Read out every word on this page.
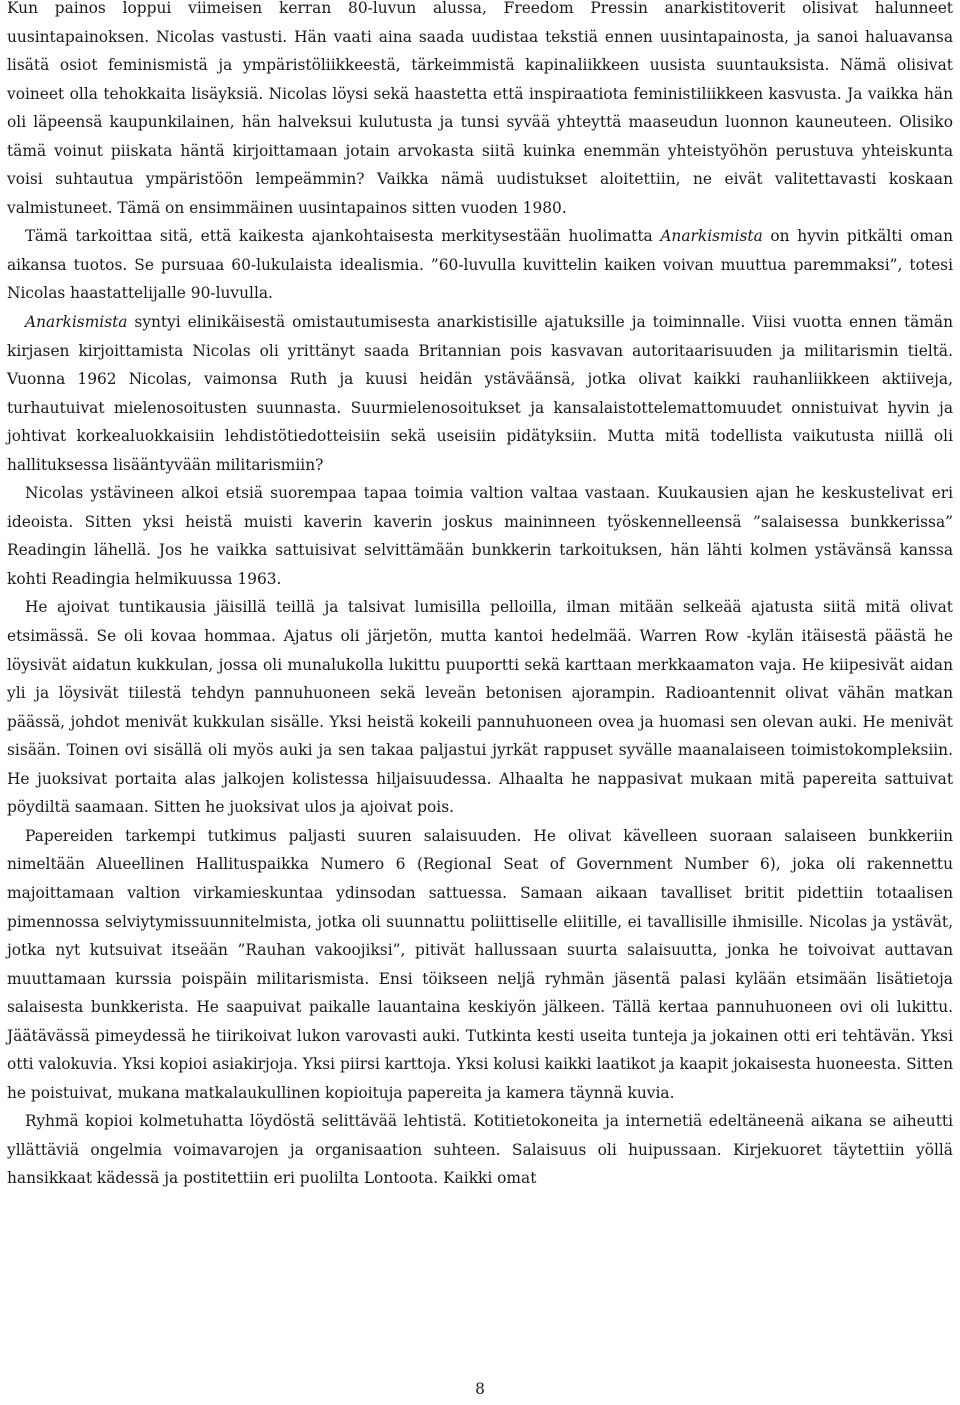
Kun painos loppui viimeisen kerran 80-luvun alussa, Freedom Pressin anarkistitoverit olisivat halunneet uusintapainoksen. Nicolas vastusti. Hän vaati aina saada uudistaa tekstiä ennen uusintapainosta, ja sanoi haluavansa lisätä osiot feminismistä ja ympäristöliikkeestä, tärkeimmistä kapinaliikkeen uusista suuntauksista. Nämä olisivat voineet olla tehokkaita lisäyksiä. Nicolas löysi sekä haastetta että inspiraatiota feministiliikkeen kasvusta. Ja vaikka hän oli läpeensä kaupunkilainen, hän halveksui kulutusta ja tunsi syvää yhteyttä maaseudun luonnon kauneuteen. Olisiko tämä voinut piiskata häntä kirjoittamaan jotain arvokasta siitä kuinka enemmän yhteistyöhön perustuva yhteiskunta voisi suhtautua ympäristöön lempeämmin? Vaikka nämä uudistukset aloitettiin, ne eivät valitettavasti koskaan valmistuneet. Tämä on ensimmäinen uusintapainos sitten vuoden 1980.

Tämä tarkoittaa sitä, että kaikesta ajankohtaisesta merkitysestään huolimatta Anarkismista on hyvin pitkälti oman aikansa tuotos. Se pursuaa 60-lukulaista idealismia. ”60-luvulla kuvittelin kaiken voivan muuttua paremmaksi”, totesi Nicolas haastattelijalle 90-luvulla.

Anarkismista syntyi elinikäisestä omistautumisesta anarkistisille ajatuksille ja toiminnalle. Viisi vuotta ennen tämän kirjasen kirjoittamista Nicolas oli yrittänyt saada Britannian pois kasvavan autoritaarisuuden ja militarismin tieltä. Vuonna 1962 Nicolas, vaimonsa Ruth ja kuusi heidän ystäväänsä, jotka olivat kaikki rauhanliikkeen aktiiveja, turhautuivat mielenosoitusten suunnasta. Suurmielenosoitukset ja kansalaistottelemattomuudet onnistuivat hyvin ja johtivat korkealuokkaisiin lehdistötiedotteisiin sekä useisiin pidätyksiin. Mutta mitä todellista vaikutusta niillä oli hallituksessa lisääntyvään militarismiin?

Nicolas ystävineen alkoi etsiä suorempaa tapaa toimia valtion valtaa vastaan. Kuukausien ajan he keskustelivat eri ideoista. Sitten yksi heistä muisti kaverin kaverin joskus maininneen työskennelleensä ”salaisessa bunkkerissa” Readingin lähellä. Jos he vaikka sattuisivat selvittämään bunkkerin tarkoituksen, hän lähti kolmen ystävänsä kanssa kohti Readingia helmikuussa 1963.

He ajoivat tuntikausia jäisillä teillä ja talsivat lumisilla pelloilla, ilman mitään selkeää ajatusta siitä mitä olivat etsimässä. Se oli kovaa hommaa. Ajatus oli järjetön, mutta kantoi hedelmää. Warren Row -kylän itäisestä päästä he löysivät aidatun kukkulan, jossa oli munalukolla lukittu puuportti sekä karttaan merkkaamaton vaja. He kiipesivät aidan yli ja löysivät tiilestä tehdyn pannuhuoneen sekä leveän betonisen ajorampin. Radioantennit olivat vähän matkan päässä, johdot menivät kukkulan sisälle. Yksi heistä kokeili pannuhuoneen ovea ja huomasi sen olevan auki. He menivät sisään. Toinen ovi sisällä oli myös auki ja sen takaa paljastui jyrkät rappuset syvälle maanalaiseen toimistokompleksiin. He juoksivat portaita alas jalkojen kolistessa hiljaisuudessa. Alhaalta he nappasivat mukaan mitä papereita sattuivat pöydiltä saamaan. Sitten he juoksivat ulos ja ajoivat pois.

Papereiden tarkempi tutkimus paljasti suuren salaisuuden. He olivat kävelleen suoraan salaiseen bunkkeriin nimeltään Alueellinen Hallituspaikka Numero 6 (Regional Seat of Government Number 6), joka oli rakennettu majoittamaan valtion virkamieskuntaa ydinsodan sattuessa. Samaan aikaan tavalliset britit pidettiin totaalisen pimennossa selviytymissuunnitelmista, jotka oli suunnattu poliittiselle eliitille, ei tavallisille ihmisille. Nicolas ja ystävät, jotka nyt kutsuivat itseään ”Rauhan vakoojiksi”, pitivät hallussaan suurta salaisuutta, jonka he toivoivat auttavan muuttamaan kurssia poispäin militarismista. Ensi töikseen neljä ryhmän jäsentä palasi kylään etsimään lisätietoja salaisesta bunkkerista. He saapuivat paikalle lauantaina keskiyön jälkeen. Tällä kertaa pannuhuoneen ovi oli lukittu. Jäätävässä pimeydessä he tiirikoivat lukon varovasti auki. Tutkinta kesti useita tunteja ja jokainen otti eri tehtävän. Yksi otti valokuvia. Yksi kopioi asiakirjoja. Yksi piirsi karttoja. Yksi kolusi kaikki laatikot ja kaapit jokaisesta huoneesta. Sitten he poistuivat, mukana matkalaukullinen kopioituja papereita ja kamera täynnä kuvia.

Ryhmä kopioi kolmetuhatta löydöstä selittävää lehtistä. Kotitietokoneita ja internetiä edeltäneenä aikana se aiheutti yllättäviä ongelmia voimavarojen ja organisaation suhteen. Salaisuus oli huipussaan. Kirjekuoret täytettiin yöllä hansikkaat kädessä ja postitettiin eri puolilta Lontoota. Kaikki omat

8
